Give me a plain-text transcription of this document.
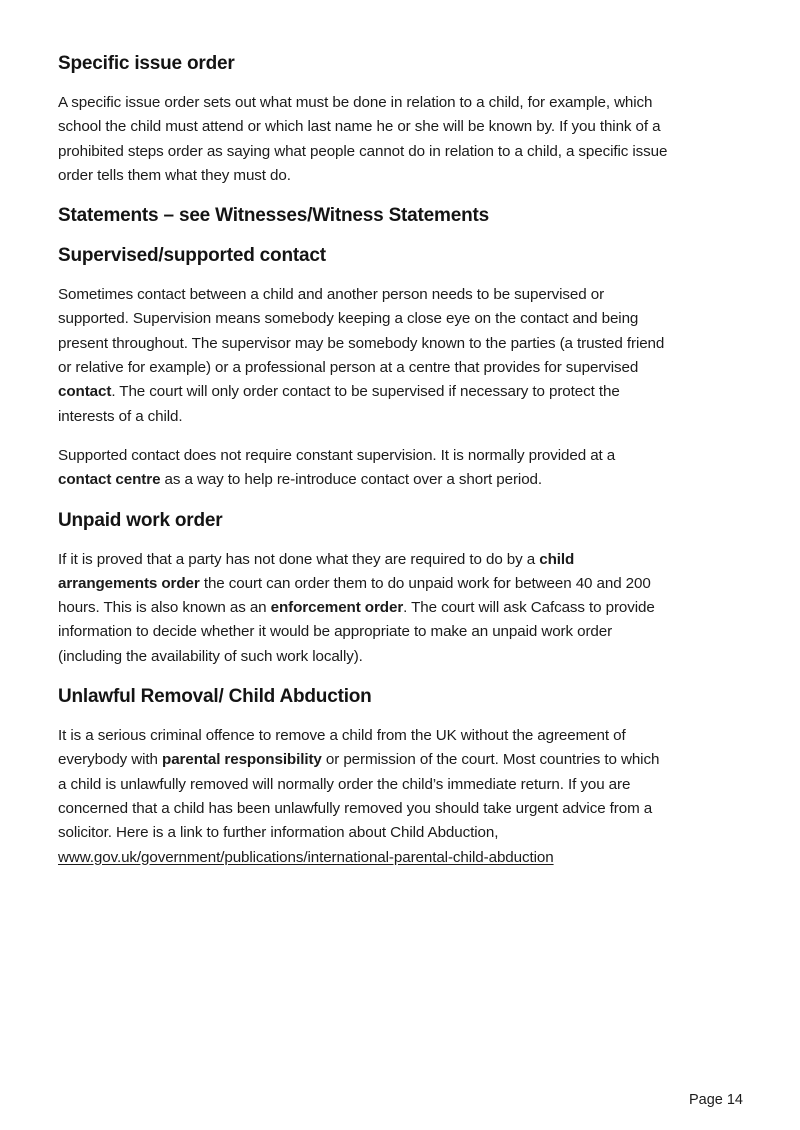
Specific issue order

A specific issue order sets out what must be done in relation to a child, for example, which
school the child must attend or which last name he or she will be known by. If you think of a
prohibited steps order as saying what people cannot do in relation to a child, a specific issue
order tells them what they must do.

Statements – see Witnesses/Witness Statements
Supervised/supported contact

Sometimes contact between a child and another person needs to be supervised or
supported. Supervision means somebody keeping a close eye on the contact and being
present throughout. The supervisor may be somebody known to the parties (a trusted friend
or relative for example) or a professional person at a centre that provides for supervised
contact. The court will only order contact to be supervised if necessary to protect the
interests of a child.

Supported contact does not require constant supervision. It is normally provided at a
contact centre as a way to help re-introduce contact over a short period.

Unpaid work order

If it is proved that a party has not done what they are required to do by a child
arrangements order the court can order them to do unpaid work for between 40 and 200
hours. This is also known as an enforcement order. The court will ask Cafcass to provide
information to decide whether it would be appropriate to make an unpaid work order
(including the availability of such work locally).

Unlawful Removal/ Child Abduction

It is a serious criminal offence to remove a child from the UK without the agreement of
everybody with parental responsibility or permission of the court. Most countries to which
a child is unlawfully removed will normally order the child’s immediate return. If you are
concerned that a child has been unlawfully removed you should take urgent advice from a
solicitor. Here is a link to further information about Child Abduction,
www.gov.uk/government/publications/international-parental-child-abduction

Page 14
